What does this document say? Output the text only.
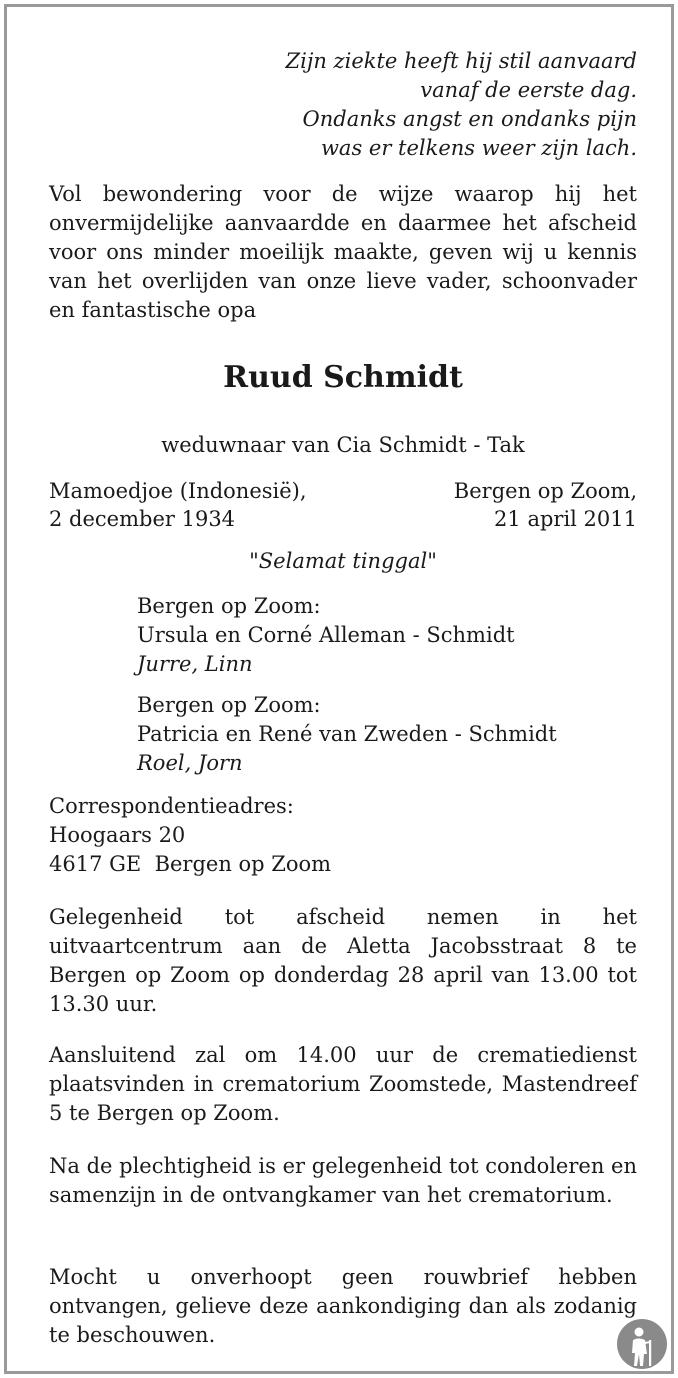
Zijn ziekte heeft hij stil aanvaard
vanaf de eerste dag.
Ondanks angst en ondanks pijn
was er telkens weer zijn lach.
Vol bewondering voor de wijze waarop hij het onvermijdelijke aanvaardde en daarmee het afscheid voor ons minder moeilijk maakte, geven wij u kennis van het overlijden van onze lieve vader, schoonvader en fantastische opa
Ruud Schmidt
weduwnaar van Cia Schmidt - Tak
Mamoedjoe (Indonesië),	Bergen op Zoom,
2 december 1934	21 april 2011
"Selamat tinggal"
Bergen op Zoom:
Ursula en Corné Alleman - Schmidt
Jurre, Linn
Bergen op Zoom:
Patricia en René van Zweden - Schmidt
Roel, Jorn
Correspondentieadres:
Hoogaars 20
4617 GE  Bergen op Zoom
Gelegenheid tot afscheid nemen in het uitvaartcentrum aan de Aletta Jacobsstraat 8 te Bergen op Zoom op donderdag 28 april van 13.00 tot 13.30 uur.
Aansluitend zal om 14.00 uur de crematiedienst plaatsvinden in crematorium Zoomstede, Mastendreef 5 te Bergen op Zoom.
Na de plechtigheid is er gelegenheid tot condoleren en samenzijn in de ontvangkamer van het crematorium.
Mocht u onverhoopt geen rouwbrief hebben ontvangen, gelieve deze aankondiging dan als zodanig te beschouwen.
